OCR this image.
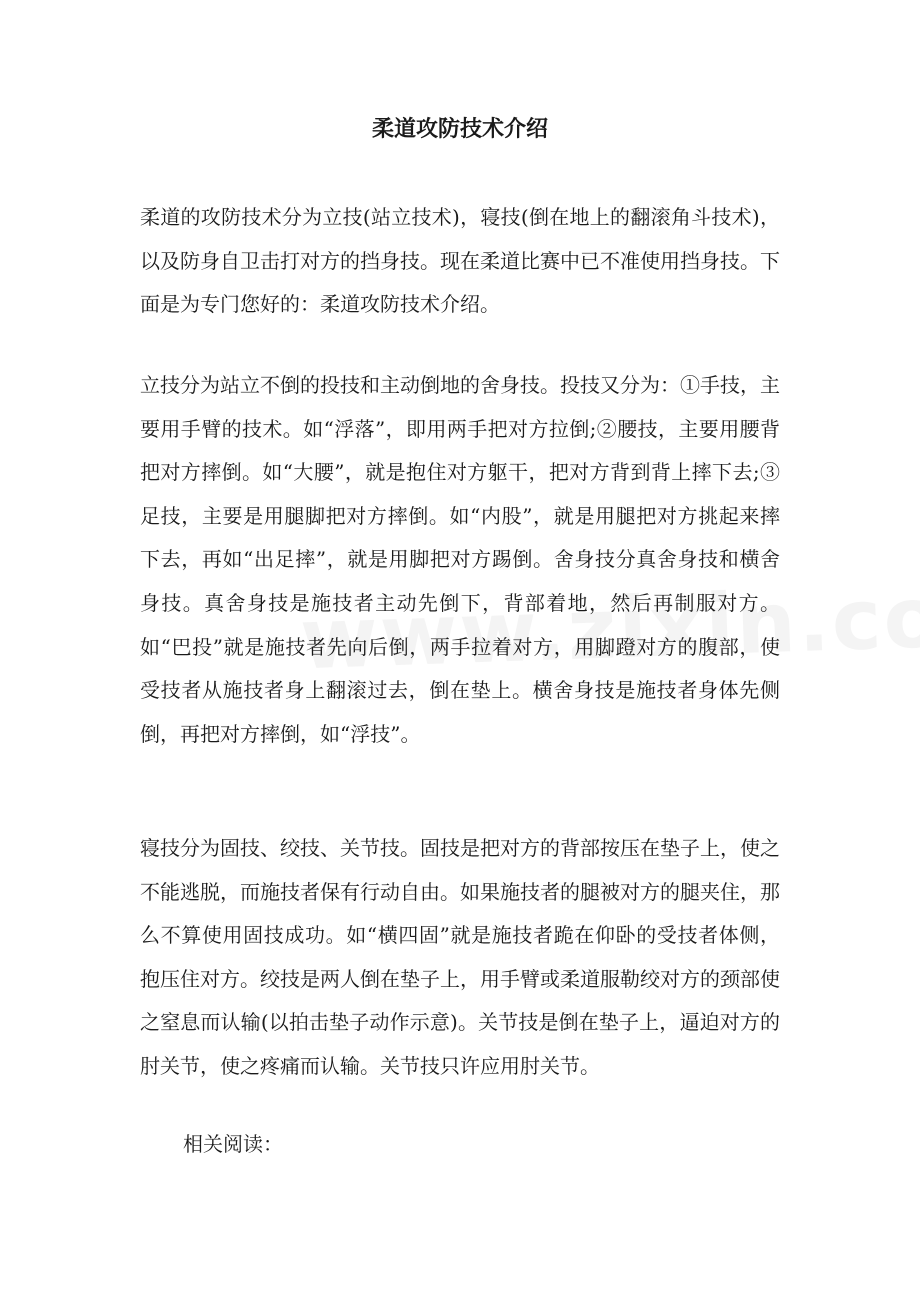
柔道攻防技术介绍

柔道的攻防技术分为立技(站立技术)，寝技(倒在地上的翻滚角斗技术)，以及防身自卫击打对方的挡身技。现在柔道比赛中已不准使用挡身技。下面是为专门您好的：柔道攻防技术介绍。

立技分为站立不倒的投技和主动倒地的舍身技。投技又分为：①手技，主要用手臂的技术。如“浮落”，即用两手把对方拉倒;②腰技，主要用腰背把对方摔倒。如“大腰”，就是抱住对方躯干，把对方背到背上摔下去;③足技，主要是用腿脚把对方摔倒。如“内股”，就是用腿把对方挑起来摔下去，再如“出足摔”，就是用脚把对方踢倒。舍身技分真舍身技和横舍身技。真舍身技是施技者主动先倒下，背部着地，然后再制服对方。如“巴投”就是施技者先向后倒，两手拉着对方，用脚蹬对方的腹部，使受技者从施技者身上翻滚过去，倒在垫上。横舍身技是施技者身体先侧倒，再把对方摔倒，如“浮技”。

寝技分为固技、绞技、关节技。固技是把对方的背部按压在垫子上，使之不能逃脱，而施技者保有行动自由。如果施技者的腿被对方的腿夹住，那么不算使用固技成功。如“横四固”就是施技者跪在仰卧的受技者体侧，抱压住对方。绞技是两人倒在垫子上，用手臂或柔道服勒绞对方的颈部使之窒息而认输(以拍击垫子动作示意)。关节技是倒在垫子上，逼迫对方的肘关节，使之疼痛而认输。关节技只许应用肘关节。

相关阅读：
